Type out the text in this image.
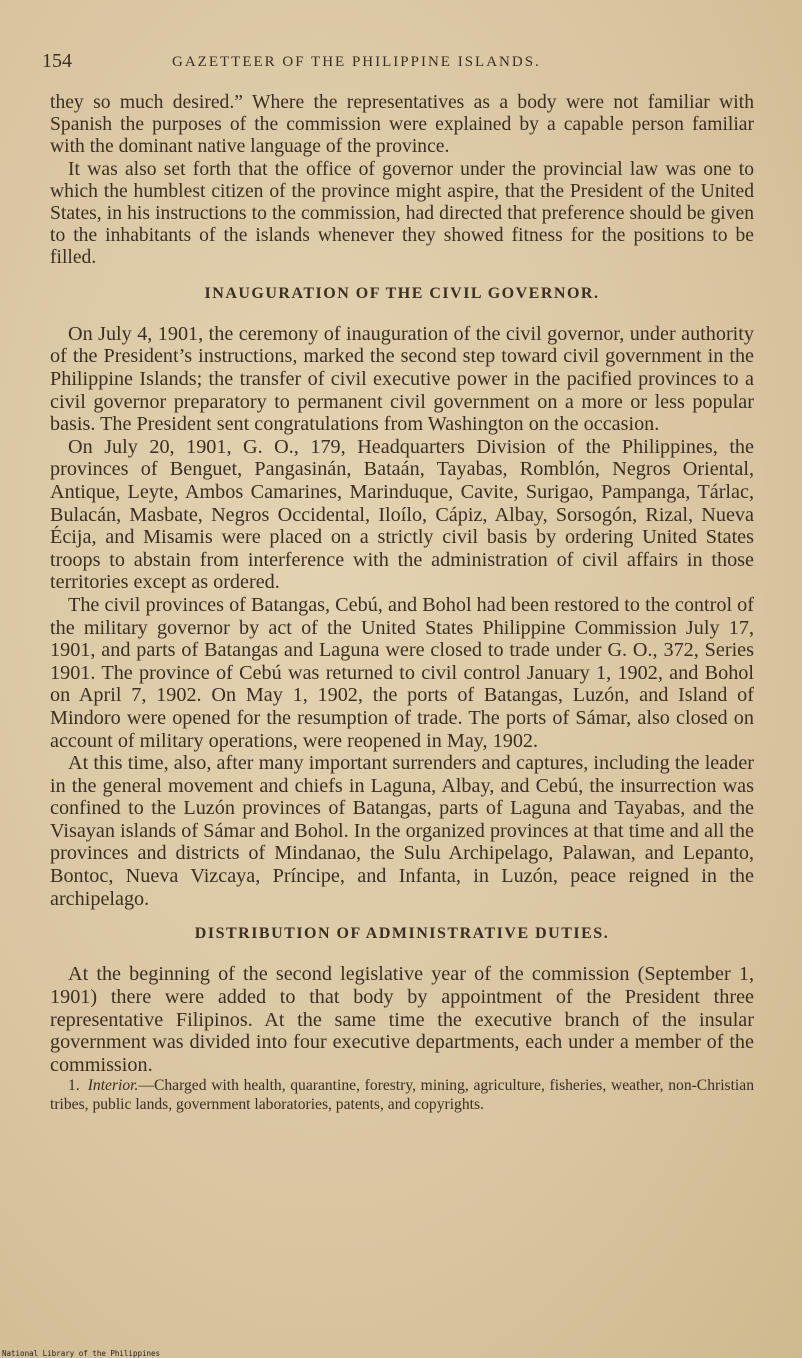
154	GAZETTEER OF THE PHILIPPINE ISLANDS.

they so much desired.” Where the representatives as a body were not familiar with Spanish the purposes of the commission were explained by a capable person familiar with the dominant native language of the province.

It was also set forth that the office of governor under the provincial law was one to which the humblest citizen of the province might aspire, that the President of the United States, in his instructions to the commission, had directed that preference should be given to the inhabitants of the islands whenever they showed fitness for the positions to be filled.

INAUGURATION OF THE CIVIL GOVERNOR.

On July 4, 1901, the ceremony of inauguration of the civil governor, under authority of the President’s instructions, marked the second step toward civil government in the Philippine Islands; the transfer of civil executive power in the pacified provinces to a civil governor preparatory to permanent civil government on a more or less popular basis. The President sent congratulations from Washington on the occasion.

On July 20, 1901, G. O., 179, Headquarters Division of the Philippines, the provinces of Benguet, Pangasinán, Bataán, Tayabas, Romblón, Negros Oriental, Antique, Leyte, Ambos Camarines, Marinduque, Cavite, Surigao, Pampanga, Tárlac, Bulacán, Masbate, Negros Occidental, Iloílo, Cápiz, Albay, Sorsogón, Rizal, Nueva Écija, and Misamis were placed on a strictly civil basis by ordering United States troops to abstain from interference with the administration of civil affairs in those territories except as ordered.

The civil provinces of Batangas, Cebú, and Bohol had been restored to the control of the military governor by act of the United States Philippine Commission July 17, 1901, and parts of Batangas and Laguna were closed to trade under G. O., 372, Series 1901. The province of Cebú was returned to civil control January 1, 1902, and Bohol on April 7, 1902. On May 1, 1902, the ports of Batangas, Luzón, and Island of Mindoro were opened for the resumption of trade. The ports of Sámar, also closed on account of military operations, were reopened in May, 1902.

At this time, also, after many important surrenders and captures, including the leader in the general movement and chiefs in Laguna, Albay, and Cebú, the insurrection was confined to the Luzón provinces of Batangas, parts of Laguna and Tayabas, and the Visayan islands of Sámar and Bohol. In the organized provinces at that time and all the provinces and districts of Mindanao, the Sulu Archipelago, Palawan, and Lepanto, Bontoc, Nueva Vizcaya, Príncipe, and Infanta, in Luzón, peace reigned in the archipelago.

DISTRIBUTION OF ADMINISTRATIVE DUTIES.

At the beginning of the second legislative year of the commission (September 1, 1901) there were added to that body by appointment of the President three representative Filipinos. At the same time the executive branch of the insular government was divided into four executive departments, each under a member of the commission.

1. Interior.—Charged with health, quarantine, forestry, mining, agriculture, fisheries, weather, non-Christian tribes, public lands, government laboratories, patents, and copyrights.

National Library of the Philippines
